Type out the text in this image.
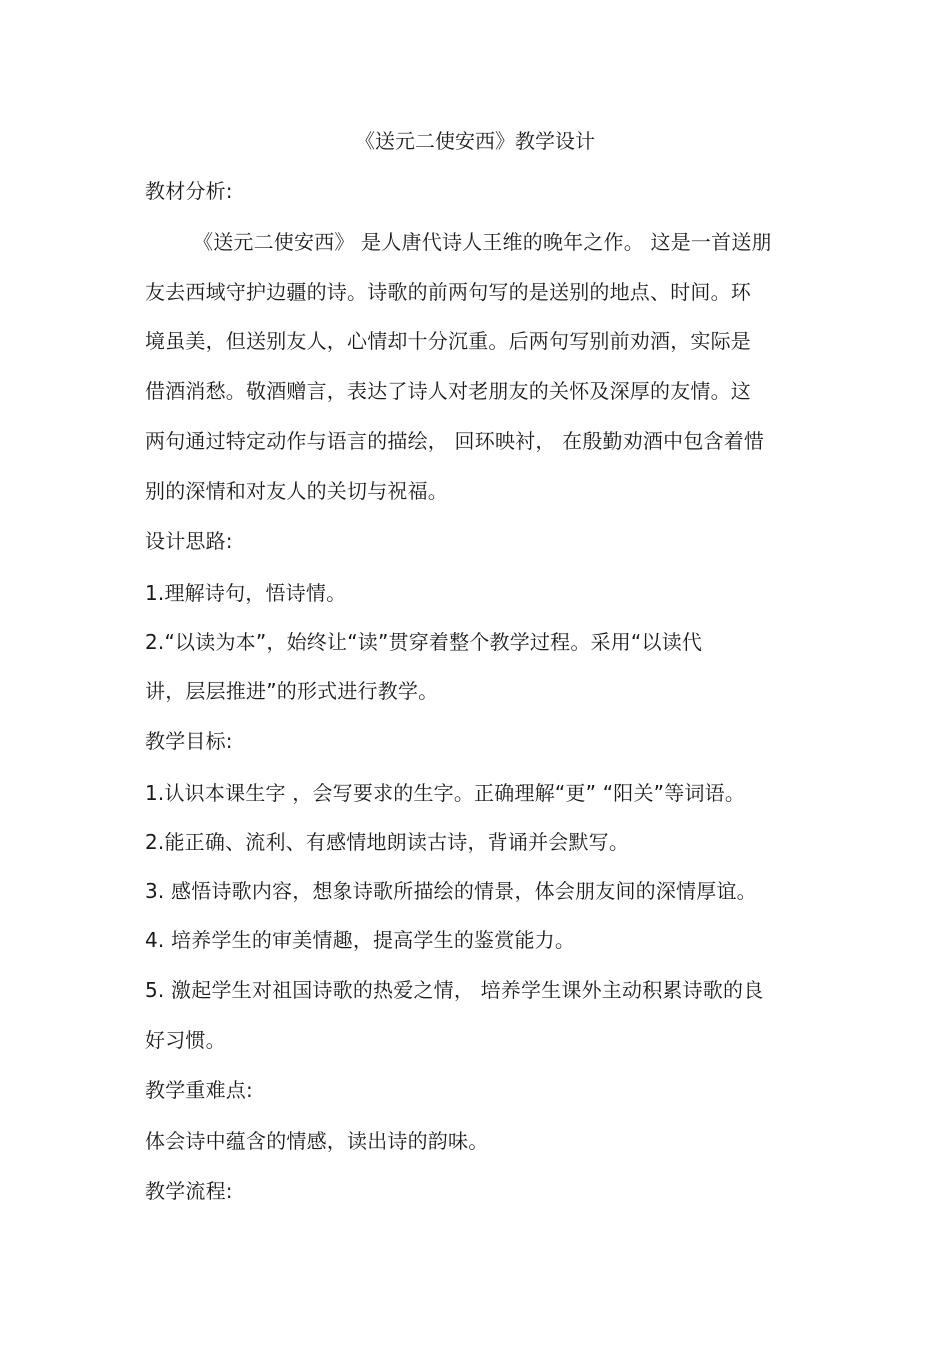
《送元二使安西》教学设计
教材分析:
《送元二使安西》 是人唐代诗人王维的晚年之作。 这是一首送朋
友去西域守护边疆的诗。诗歌的前两句写的是送别的地点、时间。环
境虽美，但送别友人，心情却十分沉重。后两句写别前劝酒，实际是
借酒消愁。敬酒赠言，表达了诗人对老朋友的关怀及深厚的友情。这
两句通过特定动作与语言的描绘， 回环映衬， 在殷勤劝酒中包含着惜
别的深情和对友人的关切与祝福。
设计思路:
1.理解诗句，悟诗情。
2.“以读为本”，始终让“读”贯穿着整个教学过程。采用“以读代
讲，层层推进”的形式进行教学。
教学目标:
1.认识本课生字 ，会写要求的生字。正确理解“更” “阳关”等词语。
2.能正确、流利、有感情地朗读古诗，背诵并会默写。
3. 感悟诗歌内容，想象诗歌所描绘的情景，体会朋友间的深情厚谊。
4. 培养学生的审美情趣，提高学生的鉴赏能力。
5. 激起学生对祖国诗歌的热爱之情， 培养学生课外主动积累诗歌的良
好习惯。
教学重难点:
体会诗中蕴含的情感，读出诗的韵味。
教学流程:
